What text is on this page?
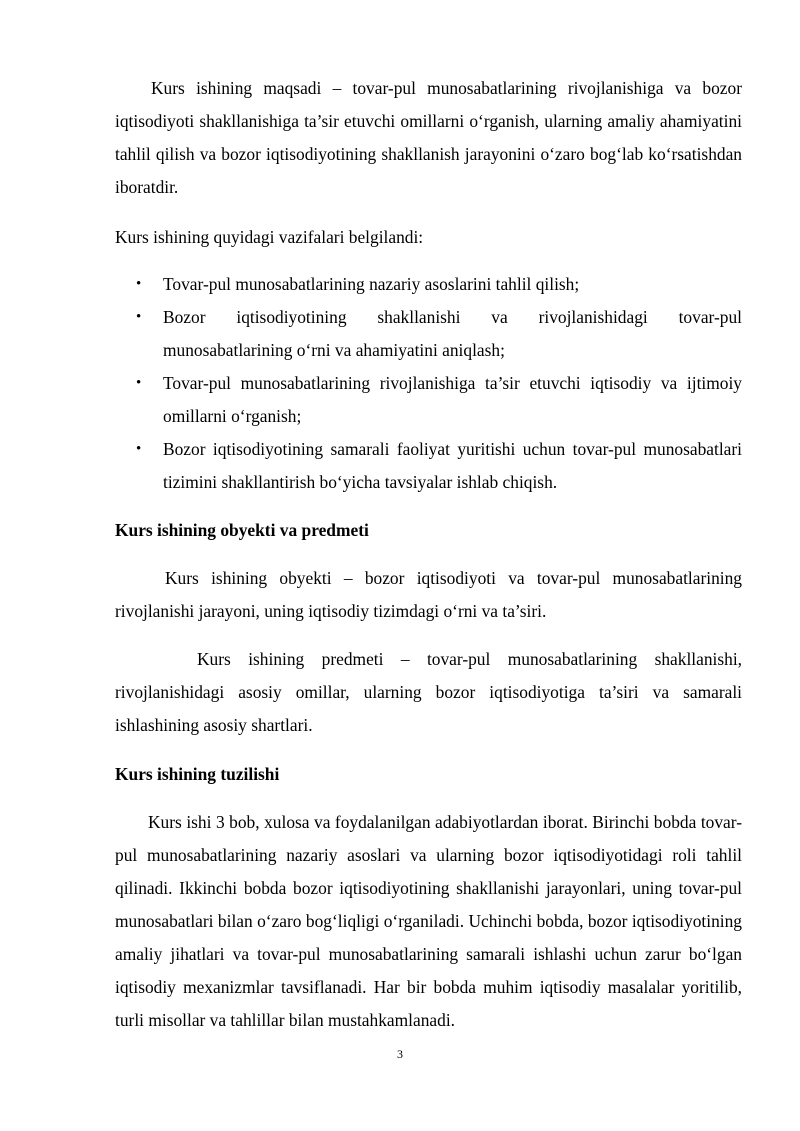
Kurs ishining maqsadi – tovar-pul munosabatlarining rivojlanishiga va bozor iqtisodiyoti shakllanishiga ta’sir etuvchi omillarni o‘rganish, ularning amaliy ahamiyatini tahlil qilish va bozor iqtisodiyotining shakllanish jarayonini o‘zaro bog‘lab ko‘rsatishdan iboratdir.

Kurs ishining quyidagi vazifalari belgilandi:

• Tovar-pul munosabatlarining nazariy asoslarini tahlil qilish;
• Bozor iqtisodiyotining shakllanishi va rivojlanishidagi tovar-pul munosabatlarining o‘rni va ahamiyatini aniqlash;
• Tovar-pul munosabatlarining rivojlanishiga ta’sir etuvchi iqtisodiy va ijtimoiy omillarni o‘rganish;
• Bozor iqtisodiyotining samarali faoliyat yuritishi uchun tovar-pul munosabatlari tizimini shakllantirish bo‘yicha tavsiyalar ishlab chiqish.
Kurs ishining obyekti va predmeti

Kurs ishining obyekti – bozor iqtisodiyoti va tovar-pul munosabatlarining rivojlanishi jarayoni, uning iqtisodiy tizimdagi o‘rni va ta’siri.

Kurs ishining predmeti – tovar-pul munosabatlarining shakllanishi, rivojlanishidagi asosiy omillar, ularning bozor iqtisodiyotiga ta’siri va samarali ishlashining asosiy shartlari.

Kurs ishining tuzilishi

Kurs ishi 3 bob, xulosa va foydalanilgan adabiyotlardan iborat. Birinchi bobda tovar-pul munosabatlarining nazariy asoslari va ularning bozor iqtisodiyotidagi roli tahlil qilinadi. Ikkinchi bobda bozor iqtisodiyotining shakllanishi jarayonlari, uning tovar-pul munosabatlari bilan o‘zaro bog‘liqligi o‘rganiladi. Uchinchi bobda, bozor iqtisodiyotining amaliy jihatlari va tovar-pul munosabatlarining samarali ishlashi uchun zarur bo‘lgan iqtisodiy mexanizmlar tavsiflanadi. Har bir bobda muhim iqtisodiy masalalar yoritilib, turli misollar va tahlillar bilan mustahkamlanadi.

3
